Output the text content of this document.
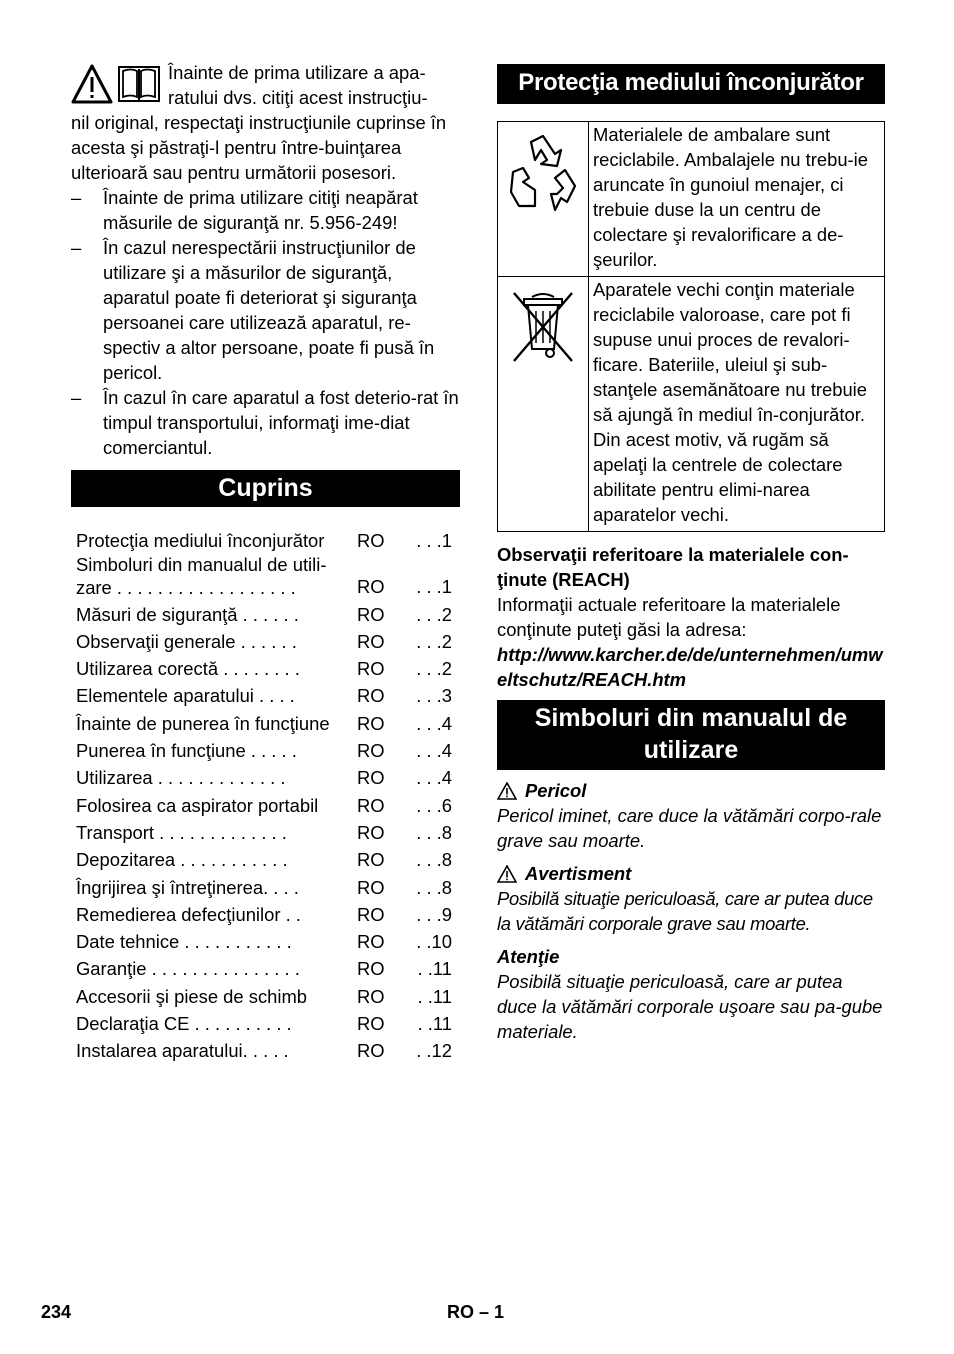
Înainte de prima utilizare a apa-
ratului dvs. citiţi acest instrucţiu-
nil original, respectaţi instrucţiunile cuprinse în acesta şi păstraţi-l pentru între-buinţarea ulterioară sau pentru următorii posesori.
– Înainte de prima utilizare citiţi neapărat măsurile de siguranţă nr. 5.956-249!
– În cazul nerespectării instrucţiunilor de utilizare şi a măsurilor de siguranţă, aparatul poate fi deteriorat şi siguranţa persoanei care utilizează aparatul, re-spectiv a altor persoane, poate fi pusă în pericol.
– În cazul în care aparatul a fost deterio-rat în timpul transportului, informaţi ime-diat comerciantul.
Cuprins
Protecţia mediului înconjurător	RO	. . .1

Simboluri din manualul de utili-
zare . . . . . . . . . . . . . . . . . .	RO	. . .1
Măsuri de siguranţă . . . . . .	RO	. . .2
Observaţii generale . . . . . .	RO	. . .2
Utilizarea corectă . . . . . . . .	RO	. . .2
Elementele aparatului . . . .	RO	. . .3
Înainte de punerea în funcţiune	RO	. . .4
Punerea în funcţiune . . . . .	RO	. . .4
Utilizarea . . . . . . . . . . . . .	RO	. . .4
Folosirea ca aspirator portabil	RO	. . .6
Transport . . . . . . . . . . . . .	RO	. . .8
Depozitarea . . . . . . . . . . .	RO	. . .8
Îngrijirea şi întreţinerea. . . .	RO	. . .8
Remedierea defecţiunilor . .	RO	. . .9
Date tehnice . . . . . . . . . . .	RO	. .10
Garanţie . . . . . . . . . . . . . . .	RO	. .11
Accesorii şi piese de schimb	RO	. .11
Declaraţia CE . . . . . . . . . .	RO	. .11
Instalarea aparatului. . . . .	RO	. .12
Protecţia mediului înconjurător
	Materialele de ambalare sunt reciclabile. Ambalajele nu trebu-ie aruncate în gunoiul menajer, ci trebuie duse la un centru de colectare şi revalorificare a de-şeurilor.
	Aparatele vechi conţin materiale reciclabile valoroase, care pot fi supuse unui proces de revalori-ficare. Bateriile, uleiul şi sub-stanţele asemănătoare nu trebuie să ajungă în mediul în-conjurător. Din acest motiv, vă rugăm să apelaţi la centrele de colectare abilitate pentru elimi-narea aparatelor vechi.
Observaţii referitoare la materialele con-ţinute (REACH)
Informaţii actuale referitoare la materialele conţinute puteţi găsi la adresa:
http://www.karcher.de/de/unternehmen/umweltschutz/REACH.htm
Simboluri din manualul de utilizare
Pericol
Pericol iminet, care duce la vătămări corpo-rale grave sau moarte.
Avertisment
Posibilă situaţie periculoasă, care ar putea duce la vătămări corporale grave sau moarte.
Atenţie
Posibilă situaţie periculoasă, care ar putea duce la vătămări corporale uşoare sau pa-gube materiale.
234	RO – 1
